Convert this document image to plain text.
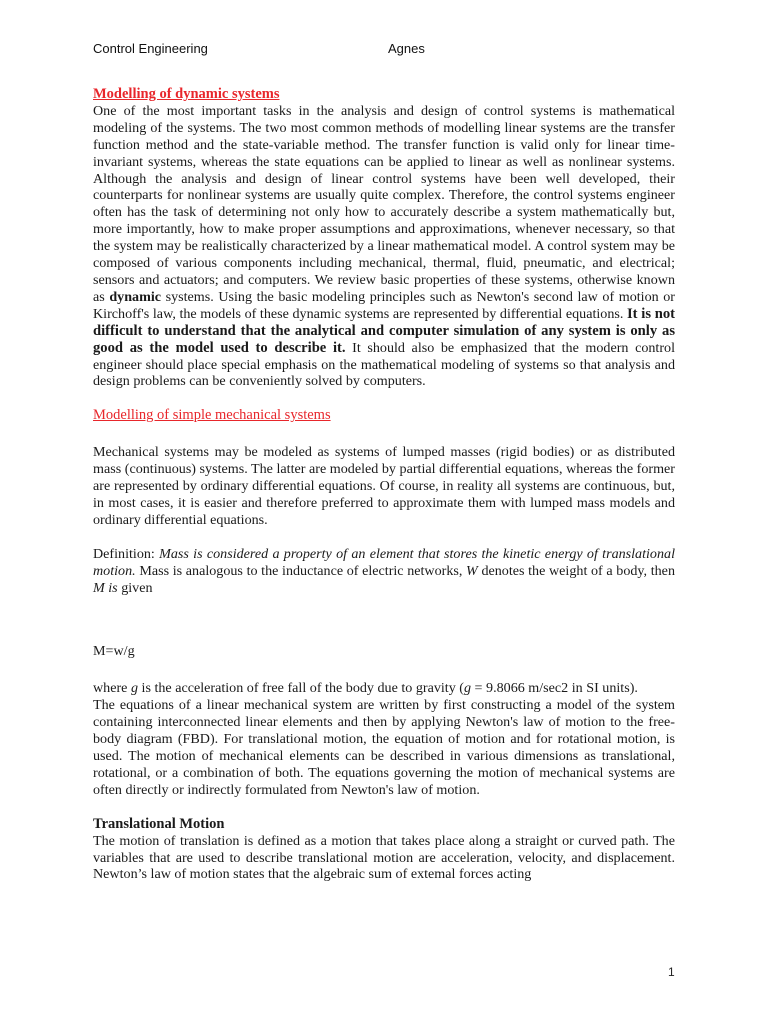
Control Engineering	Agnes

Modelling of dynamic systems

One of the most important tasks in the analysis and design of control systems is mathematical modeling of the systems. The two most common methods of modelling linear systems are the transfer function method and the state-variable method. The transfer function is valid only for linear time-invariant systems, whereas the state equations can be applied to linear as well as nonlinear systems. Although the analysis and design of linear control systems have been well developed, their counterparts for nonlinear systems are usually quite complex. Therefore, the control systems engineer often has the task of determining not only how to accurately describe a system mathematically but, more importantly, how to make proper assumptions and approximations, whenever necessary, so that the system may be realistically characterized by a linear mathematical model. A control system may be composed of various components including mechanical, thermal, fluid, pneumatic, and electrical; sensors and actuators; and computers. We review basic properties of these systems, otherwise known as dynamic systems. Using the basic modeling principles such as Newton's second law of motion or Kirchoff's law, the models of these dynamic systems are represented by differential equations. It is not difficult to understand that the analytical and computer simulation of any system is only as good as the model used to describe it. It should also be emphasized that the modern control engineer should place special emphasis on the mathematical modeling of systems so that analysis and design problems can be conveniently solved by computers.

Modelling of simple mechanical systems

Mechanical systems may be modeled as systems of lumped masses (rigid bodies) or as distributed mass (continuous) systems. The latter are modeled by partial differential equations, whereas the former are represented by ordinary differential equations. Of course, in reality all systems are continuous, but, in most cases, it is easier and therefore preferred to approximate them with lumped mass models and ordinary differential equations.

Definition: Mass is considered a property of an element that stores the kinetic energy of translational motion. Mass is analogous to the inductance of electric networks, W denotes the weight of a body, then M is given

M=w/g

where g is the acceleration of free fall of the body due to gravity (g = 9.8066 m/sec2 in SI units).

The equations of a linear mechanical system are written by first constructing a model of the system containing interconnected linear elements and then by applying Newton's law of motion to the free-body diagram (FBD). For translational motion, the equation of motion and for rotational motion, is used. The motion of mechanical elements can be described in various dimensions as translational, rotational, or a combination of both. The equations governing the motion of mechanical systems are often directly or indirectly formulated from Newton's law of motion.

Translational Motion

The motion of translation is defined as a motion that takes place along a straight or curved path. The variables that are used to describe translational motion are acceleration, velocity, and displacement. Newton’s law of motion states that the algebraic sum of extemal forces acting

1
